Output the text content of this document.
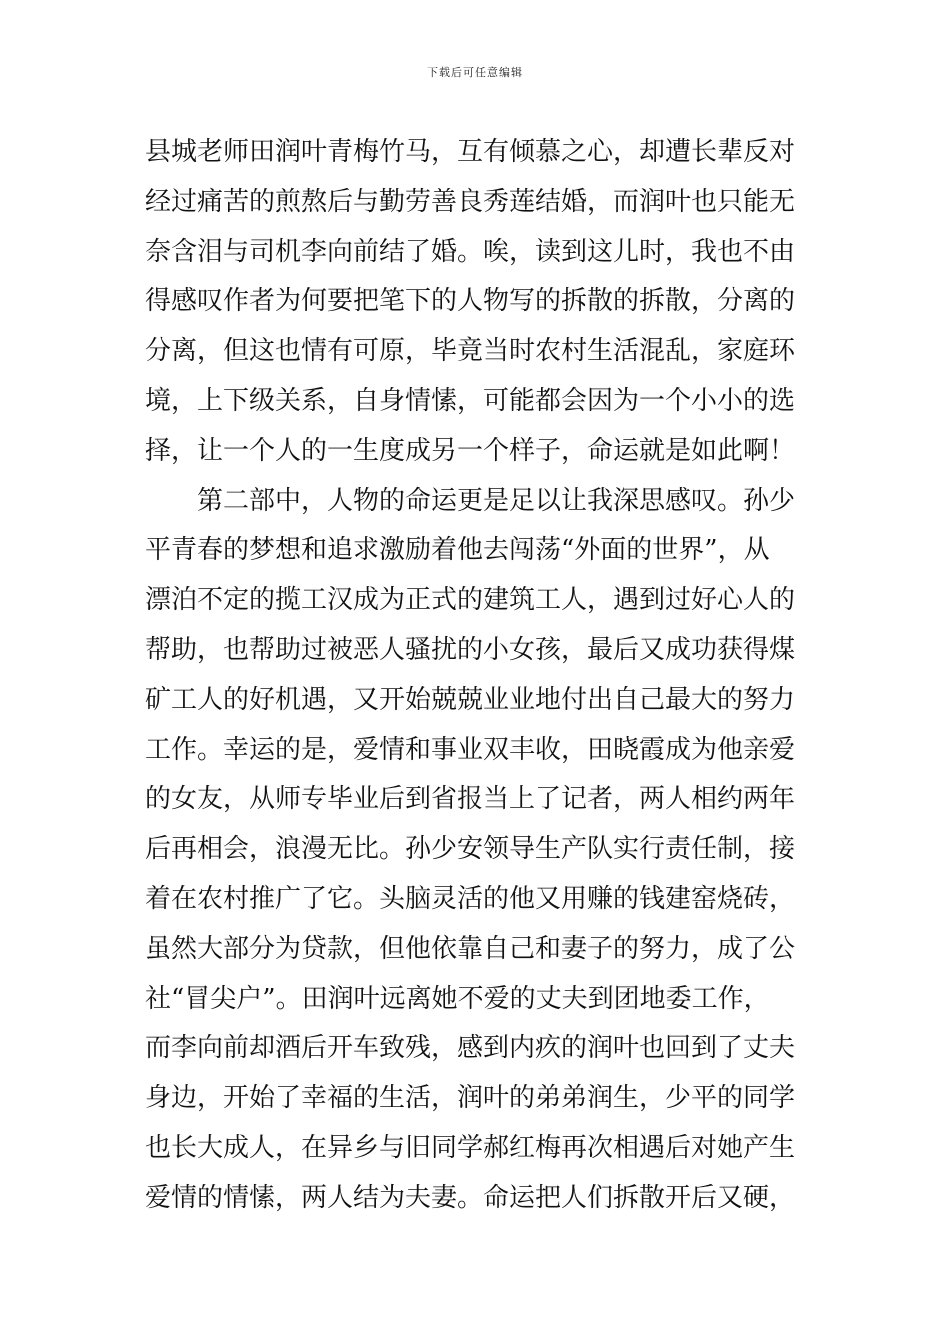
下载后可任意编辑
县城老师田润叶青梅竹马，互有倾慕之心，却遭长辈反对
经过痛苦的煎熬后与勤劳善良秀莲结婚，而润叶也只能无
奈含泪与司机李向前结了婚。唉，读到这儿时，我也不由
得感叹作者为何要把笔下的人物写的拆散的拆散，分离的
分离，但这也情有可原，毕竟当时农村生活混乱，家庭环
境，上下级关系，自身情愫，可能都会因为一个小小的选
择，让一个人的一生度成另一个样子，命运就是如此啊！
　　第二部中，人物的命运更是足以让我深思感叹。孙少
平青春的梦想和追求激励着他去闯荡“外面的世界”，从
漂泊不定的揽工汉成为正式的建筑工人，遇到过好心人的
帮助，也帮助过被恶人骚扰的小女孩，最后又成功获得煤
矿工人的好机遇，又开始兢兢业业地付出自己最大的努力
工作。幸运的是，爱情和事业双丰收，田晓霞成为他亲爱
的女友，从师专毕业后到省报当上了记者，两人相约两年
后再相会，浪漫无比。孙少安领导生产队实行责任制，接
着在农村推广了它。头脑灵活的他又用赚的钱建窑烧砖，
虽然大部分为贷款，但他依靠自己和妻子的努力，成了公
社“冒尖户”。田润叶远离她不爱的丈夫到团地委工作，
而李向前却酒后开车致残，感到内疚的润叶也回到了丈夫
身边，开始了幸福的生活，润叶的弟弟润生，少平的同学
也长大成人，在异乡与旧同学郝红梅再次相遇后对她产生
爱情的情愫，两人结为夫妻。命运把人们拆散开后又硬，
